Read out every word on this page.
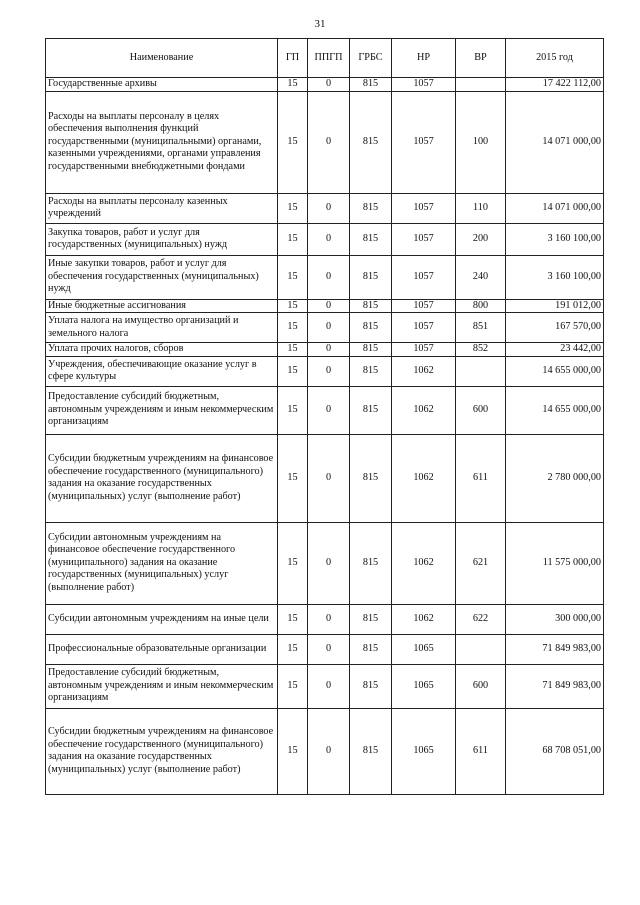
31
Наименование	ГП	ППГП	ГРБС	НР	ВР	2015 год
Государственные архивы	15	0	815	1057		17 422 112,00
Расходы на выплаты персоналу в целях обеспечения выполнения функций государственными (муниципальными) органами, казенными учреждениями, органами управления государственными внебюджетными фондами	15	0	815	1057	100	14 071 000,00
Расходы на выплаты персоналу казенных учреждений	15	0	815	1057	110	14 071 000,00
Закупка товаров, работ и услуг для государственных (муниципальных) нужд	15	0	815	1057	200	3 160 100,00
Иные закупки товаров, работ и услуг для обеспечения государственных (муниципальных) нужд	15	0	815	1057	240	3 160 100,00
Иные бюджетные ассигнования	15	0	815	1057	800	191 012,00
Уплата налога на имущество организаций и земельного налога	15	0	815	1057	851	167 570,00
Уплата прочих налогов, сборов	15	0	815	1057	852	23 442,00
Учреждения, обеспечивающие оказание услуг в сфере культуры	15	0	815	1062		14 655 000,00
Предоставление субсидий бюджетным, автономным учреждениям и иным некоммерческим организациям	15	0	815	1062	600	14 655 000,00
Субсидии бюджетным учреждениям на финансовое обеспечение государственного (муниципального) задания на оказание государственных (муниципальных) услуг (выполнение работ)	15	0	815	1062	611	2 780 000,00
Субсидии автономным учреждениям на финансовое обеспечение государственного (муниципального) задания на оказание государственных (муниципальных) услуг (выполнение работ)	15	0	815	1062	621	11 575 000,00
Субсидии автономным учреждениям на иные цели	15	0	815	1062	622	300 000,00
Профессиональные образовательные организации	15	0	815	1065		71 849 983,00
Предоставление субсидий бюджетным, автономным учреждениям и иным некоммерческим организациям	15	0	815	1065	600	71 849 983,00
Субсидии бюджетным учреждениям на финансовое обеспечение государственного (муниципального) задания на оказание государственных (муниципальных) услуг (выполнение работ)	15	0	815	1065	611	68 708 051,00
